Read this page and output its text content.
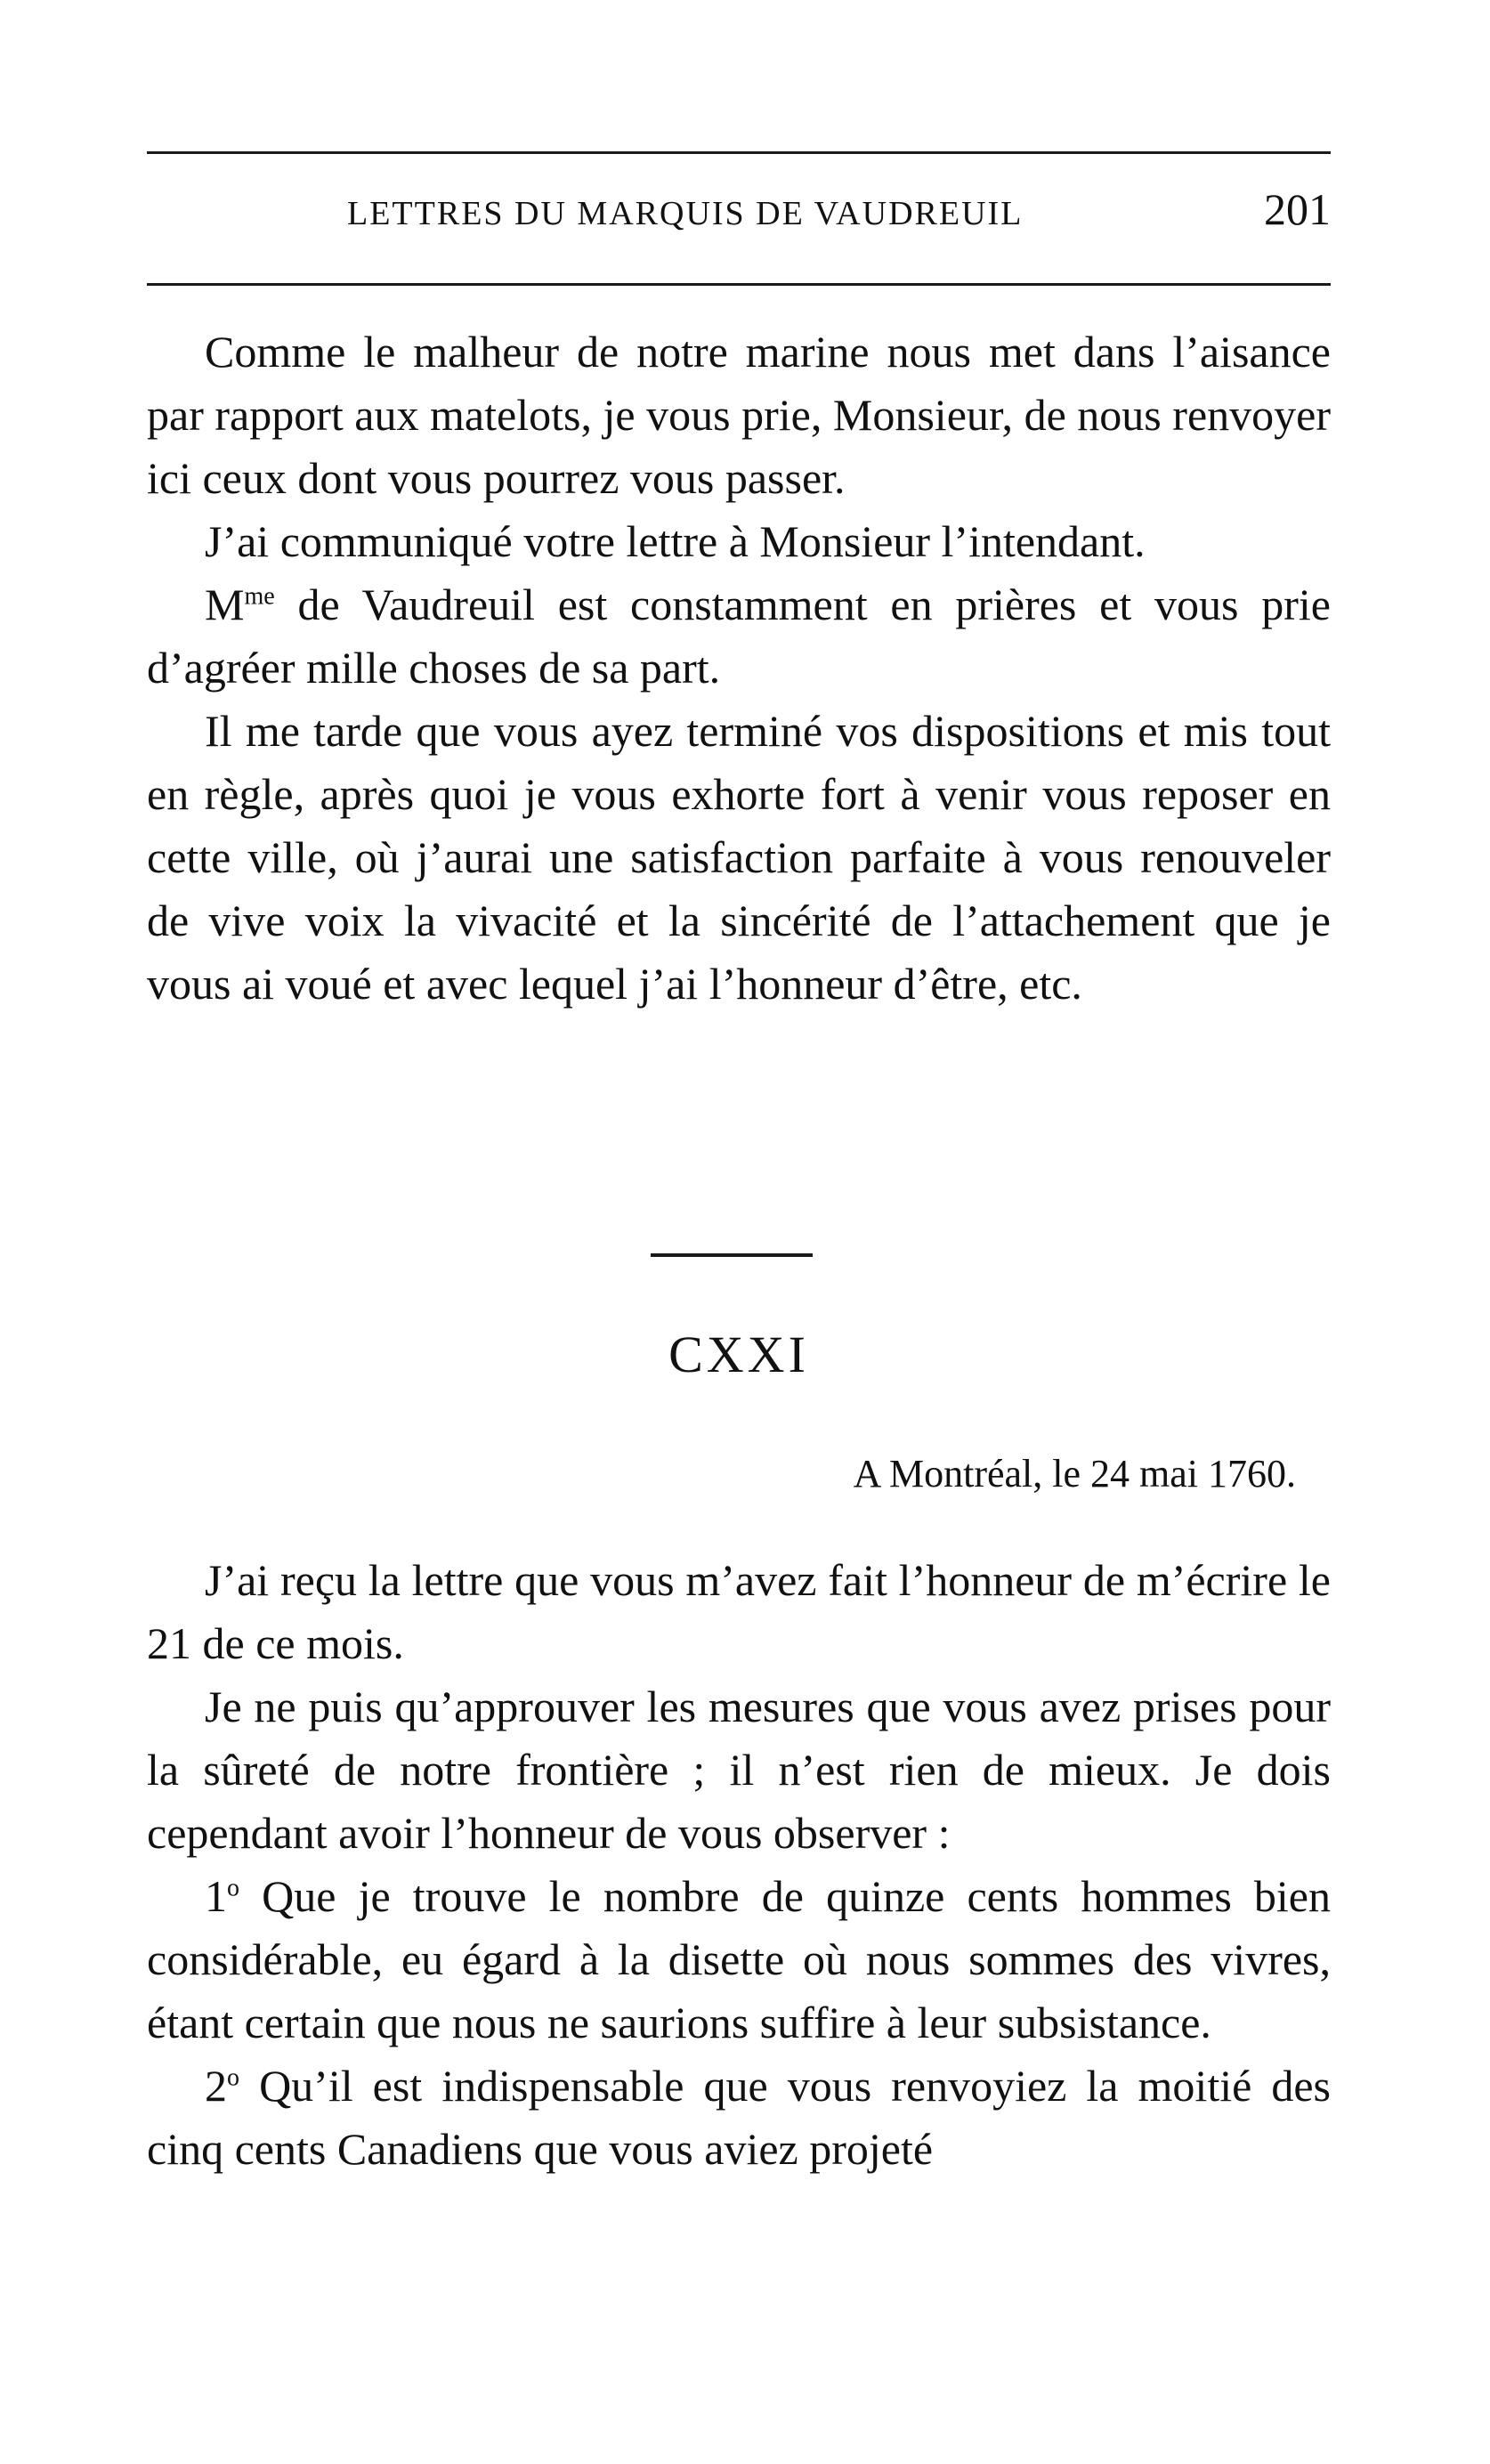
LETTRES DU MARQUIS DE VAUDREUIL	201

Comme le malheur de notre marine nous met dans l’aisance par rapport aux matelots, je vous prie, Monsieur, de nous renvoyer ici ceux dont vous pourrez vous passer.

J’ai communiqué votre lettre à Monsieur l’intendant.

$M^{me}$ de Vaudreuil est constamment en prières et vous prie d’agréer mille choses de sa part.

Il me tarde que vous ayez terminé vos dispositions et mis tout en règle, après quoi je vous exhorte fort à venir vous reposer en cette ville, où j’aurai une satisfaction parfaite à vous renouveler de vive voix la vivacité et la sincérité de l’attachement que je vous ai voué et avec lequel j’ai l’honneur d’être, etc.

CXXI
A Montréal, le 24 mai 1760.

J’ai reçu la lettre que vous m’avez fait l’honneur de m’écrire le 21 de ce mois.

Je ne puis qu’approuver les mesures que vous avez prises pour la sûreté de notre frontière ; il n’est rien de mieux. Je dois cependant avoir l’honneur de vous observer :

1$^o$ Que je trouve le nombre de quinze cents hommes bien considérable, eu égard à la disette où nous sommes des vivres, étant certain que nous ne saurions suffire à leur subsistance.

2$^o$ Qu’il est indispensable que vous renvoyiez la moitié des cinq cents Canadiens que vous aviez projeté
